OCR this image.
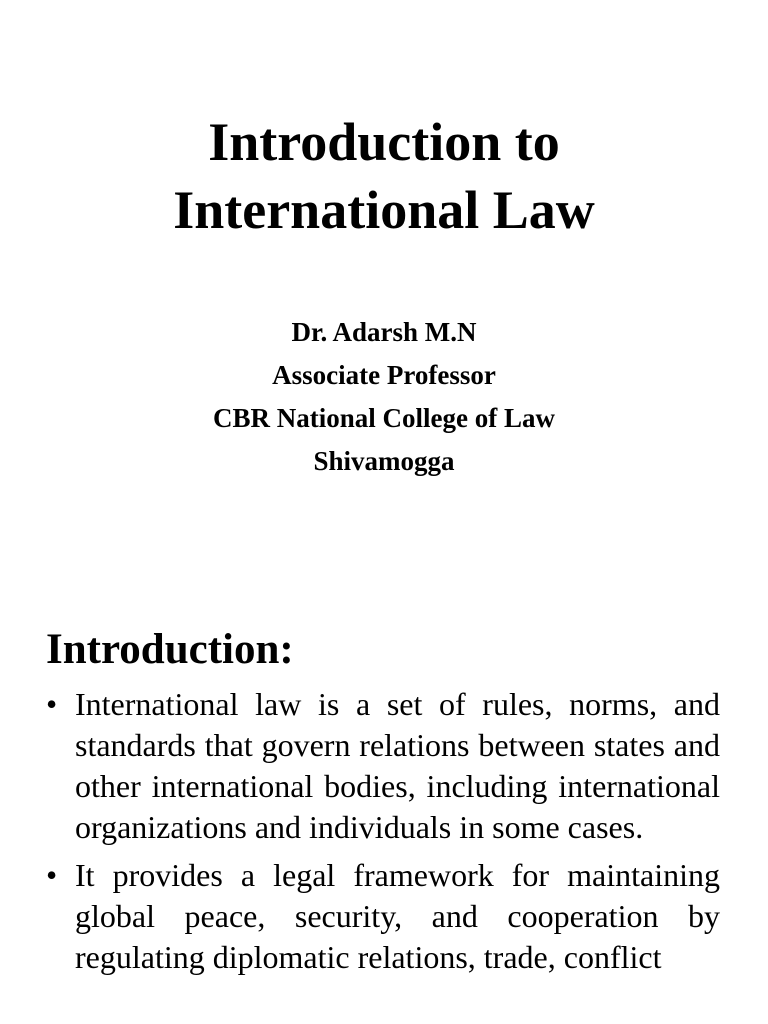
Introduction to
International Law
Dr. Adarsh M.N
Associate Professor
CBR National College of Law
Shivamogga
Introduction:
• International law is a set of rules, norms, and standards that govern relations between states and other international bodies, including international organizations and individuals in some cases.
• It provides a legal framework for maintaining global peace, security, and cooperation by regulating diplomatic relations, trade, conflict
